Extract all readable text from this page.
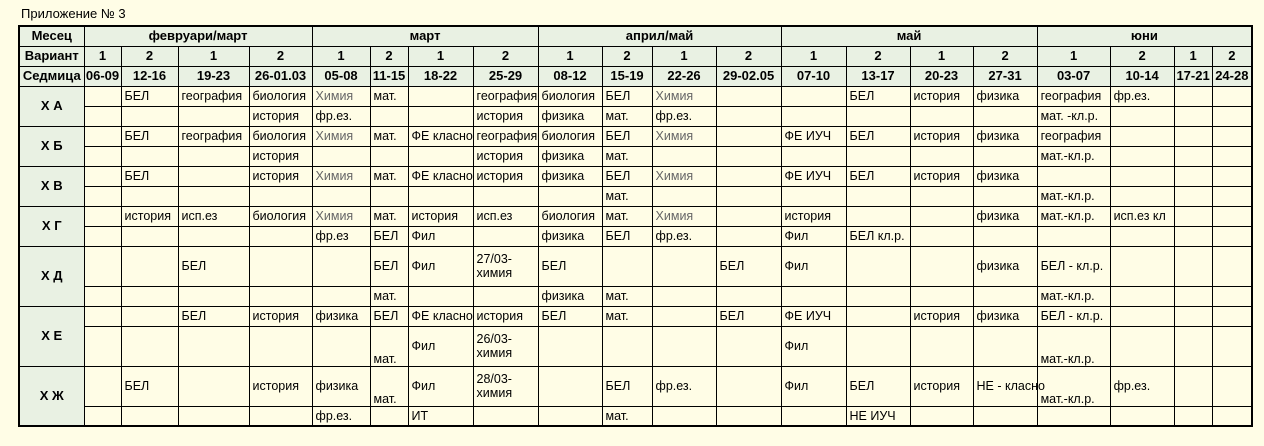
Приложение № 3
Месец	февруари/март				март				април/май				май				юни			
Вариант	1	2	1	2	1	2	1	2	1	2	1	2	1	2	1	2	1	2	1	2
Седмица	06-09	12-16	19-23	26-01.03	05-08	11-15	18-22	25-29	08-12	15-19	22-26	29-02.05	07-10	13-17	20-23	27-31	03-07	10-14	17-21	24-28
Х А		БЕЛ	география	биология	Химия	мат.		география	биология	БЕЛ	Химия			БЕЛ	история	физика	география	фр.ез.		
				история	фр.ез.			история	физика	мат.	фр.ез.						мат. -кл.р.			
Х Б		БЕЛ	география	биология	Химия	мат.	ФЕ класно	география	биология	БЕЛ	Химия		ФЕ ИУЧ	БЕЛ	история	физика	география			
				история				история	физика	мат.							мат.-кл.р.			
Х В		БЕЛ		история	Химия	мат.	ФЕ класно	история	физика	БЕЛ	Химия		ФЕ ИУЧ	БЕЛ	история	физика				
										мат.							мат.-кл.р.			
Х Г		история	исп.ез	биология	Химия	мат.	история	исп.ез	биология	мат.	Химия		история			физика	мат.-кл.р.	исп.ез кл		
					фр.ез	БЕЛ	Фил		физика	БЕЛ	фр.ез.		Фил	БЕЛ кл.р.						
Х Д			БЕЛ			БЕЛ	Фил	27/03-химия	БЕЛ			БЕЛ	Фил			физика	БЕЛ - кл.р.			
						мат.			физика	мат.							мат.-кл.р.			
Х Е			БЕЛ	история	физика	БЕЛ	ФЕ класно	история	БЕЛ	мат.		БЕЛ	ФЕ ИУЧ		история	физика	БЕЛ - кл.р.			
						мат.	Фил	26/03-химия					Фил				мат.-кл.р.			
Х Ж		БЕЛ		история	физика	мат.	Фил	28/03-химия		БЕЛ	фр.ез.		Фил	БЕЛ	история	НЕ - класно	мат.-кл.р.	фр.ез.		
					фр.ез.		ИТ			мат.				НЕ ИУЧ						
